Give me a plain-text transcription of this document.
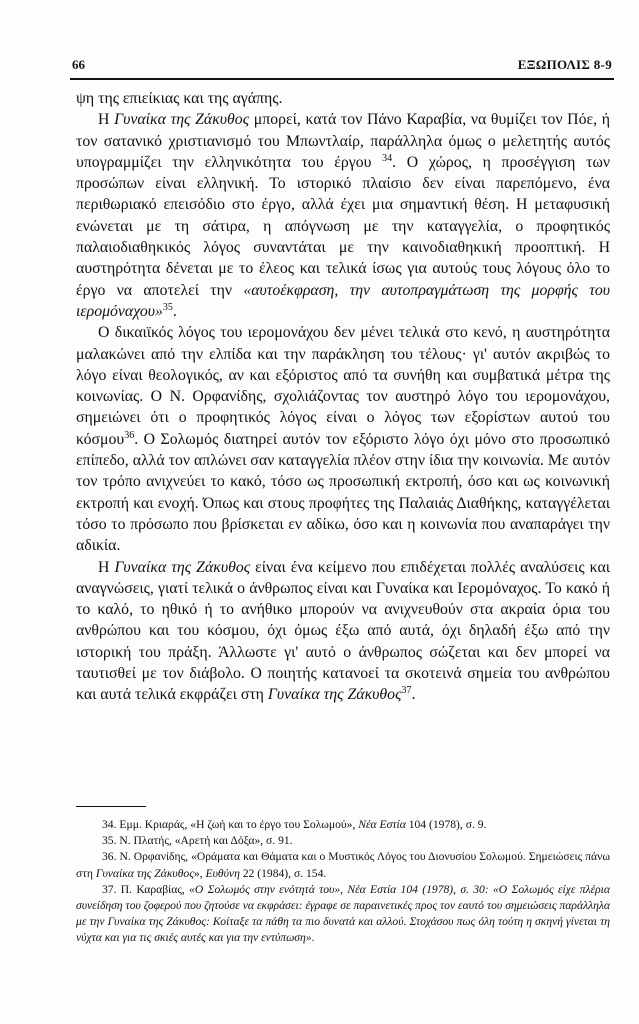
66	ΕΞΩΠΟΛΙΣ 8-9

ψη της επιείκιας και της αγάπης.

Η Γυναίκα της Ζάκυθος μπορεί, κατά τον Πάνο Καραβία, να θυμίζει τον Πόε, ή τον σατανικό χριστιανισμό του Μπωντλαίρ, παράλληλα όμως ο μελετητής αυτός υπογραμμίζει την ελληνικότητα του έργου $^{34}$. Ο χώρος, η προσέγγιση των προσώπων είναι ελληνική. Το ιστορικό πλαίσιο δεν είναι παρεπόμενο, ένα περιθωριακό επεισόδιο στο έργο, αλλά έχει μια σημαντική θέση. Η μεταφυσική ενώνεται με τη σάτιρα, η απόγνωση με την καταγγελία, ο προφητικός παλαιοδιαθηκικός λόγος συναντάται με την καινοδιαθηκική προοπτική. Η αυστηρότητα δένεται με το έλεος και τελικά ίσως για αυτούς τους λόγους όλο το έργο να αποτελεί την «αυτοέκφραση, την αυτοπραγμάτωση της μορφής του ιερομόναχου»$^{35}$.

Ο δικαιϊκός λόγος του ιερομονάχου δεν μένει τελικά στο κενό, η αυστηρότητα μαλακώνει από την ελπίδα και την παράκληση του τέλους· γι' αυτόν ακριβώς το λόγο είναι θεολογικός, αν και εξόριστος από τα συνήθη και συμβατικά μέτρα της κοινωνίας. Ο Ν. Ορφανίδης, σχολιάζοντας τον αυστηρό λόγο του ιερομονάχου, σημειώνει ότι ο προφητικός λόγος είναι ο λόγος των εξορίστων αυτού του κόσμου$^{36}$. Ο Σολωμός διατηρεί αυτόν τον εξόριστο λόγο όχι μόνο στο προσωπικό επίπεδο, αλλά τον απλώνει σαν καταγγελία πλέον στην ίδια την κοινωνία. Με αυτόν τον τρόπο ανιχνεύει το κακό, τόσο ως προσωπική εκτροπή, όσο και ως κοινωνική εκτροπή και ενοχή. Όπως και στους προφήτες της Παλαιάς Διαθήκης, καταγγέλεται τόσο το πρόσωπο που βρίσκεται εν αδίκω, όσο και η κοινωνία που αναπαράγει την αδικία.

Η Γυναίκα της Ζάκυθος είναι ένα κείμενο που επιδέχεται πολλές αναλύσεις και αναγνώσεις, γιατί τελικά ο άνθρωπος είναι και Γυναίκα και Ιερομόναχος. Το κακό ή το καλό, το ηθικό ή το ανήθικο μπορούν να ανιχνευθούν στα ακραία όρια του ανθρώπου και του κόσμου, όχι όμως έξω από αυτά, όχι δηλαδή έξω από την ιστορική του πράξη. Άλλωστε γι' αυτό ο άνθρωπος σώζεται και δεν μπορεί να ταυτισθεί με τον διάβολο. Ο ποιητής κατανοεί τα σκοτεινά σημεία του ανθρώπου και αυτά τελικά εκφράζει στη Γυναίκα της Ζάκυθος$^{37}$.

34. Εμμ. Κριαράς, «Η ζωή και το έργο του Σολωμού», Νέα Εστία 104 (1978), σ. 9.

35. Ν. Πλατής, «Αρετή και Δόξα», σ. 91.

36. Ν. Ορφανίδης, «Οράματα και Θάματα και ο Μυστικός Λόγος του Διονυσίου Σολωμού. Σημειώσεις πάνω στη Γυναίκα της Ζάκυθος», Ευθύνη 22 (1984), σ. 154.

37. Π. Καραβίας, «Ο Σολωμός στην ενότητά του», Νέα Εστία 104 (1978), σ. 30: «Ο Σολωμός είχε πλέρια συνείδηση του ζοφερού που ζητούσε να εκφράσει: έγραφε σε παραινετικές προς τον εαυτό του σημειώσεις παράλληλα με την Γυναίκα της Ζάκυθος: Κοίταξε τα πάθη τα πιο δυνατά και αλλού. Στοχάσου πως όλη τούτη η σκηνή γίνεται τη νύχτα και για τις σκιές αυτές και για την εντύπωση».
